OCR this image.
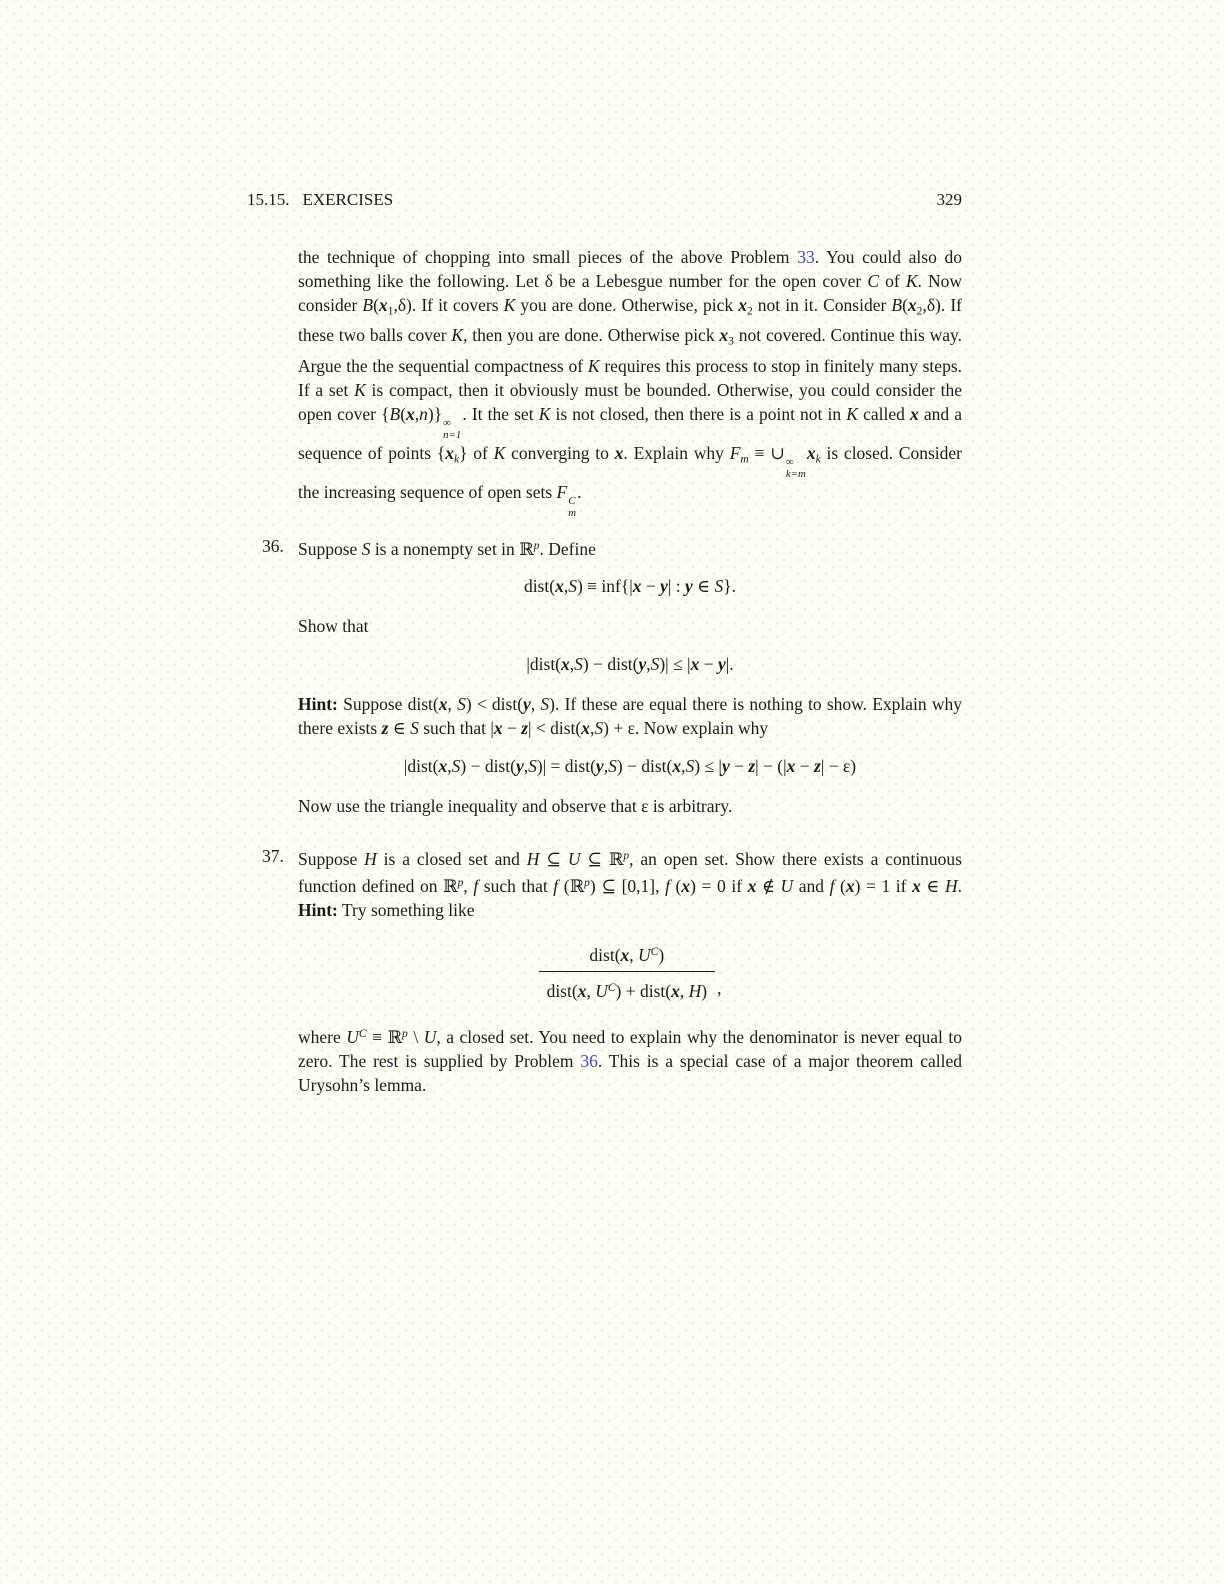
15.15. EXERCISES	329
the technique of chopping into small pieces of the above Problem 33. You could also do something like the following. Let δ be a Lebesgue number for the open cover C of K. Now consider $B(x_1,\delta)$. If it covers K you are done. Otherwise, pick $x_2$ not in it. Consider $B(x_2,\delta)$. If these two balls cover K, then you are done. Otherwise pick $x_3$ not covered. Continue this way. Argue the the sequential compactness of K requires this process to stop in finitely many steps. If a set K is compact, then it obviously must be bounded. Otherwise, you could consider the open cover {B(x,n)} ∞
n=1
. It the set K is not closed, then there is a point not in K called x and a sequence of points $\{x_k\}$ of K converging to x. Explain why $F_m$ ≡ ∪ ∞
k=m
$x_k$ is closed. Consider the increasing sequence of open sets F C
m
.
36. Suppose S is a nonempty set in ℝ$^p$. Define
dist(x,S) ≡ inf{|x − y| : y ∈ S}.
Show that
|dist(x,S) − dist(y,S)| ≤ |x − y|.
Hint: Suppose dist(x, S) < dist(y, S). If these are equal there is nothing to show. Explain why there exists z ∈ S such that |x − z| < dist(x,S) + ε. Now explain why
|dist(x,S) − dist(y,S)| = dist(y,S) − dist(x,S) ≤ |y − z| − (|x − z| − ε)
Now use the triangle inequality and observe that ε is arbitrary.
37. Suppose H is a closed set and H ⊆ U ⊆ ℝ$^p$, an open set. Show there exists a continuous function defined on ℝ$^p$, f such that f (ℝ$^p$) ⊆ [0,1], f (x) = 0 if x ∉ U and f (x) = 1 if x ∈ H. Hint: Try something like
$\frac{dist(x, U^C)}{dist(x, U^C) + dist(x, H)}$ ,
where $U^C$ ≡ ℝ$^p$ \ U, a closed set. You need to explain why the denominator is never equal to zero. The rest is supplied by Problem 36. This is a special case of a major theorem called Urysohn’s lemma.
